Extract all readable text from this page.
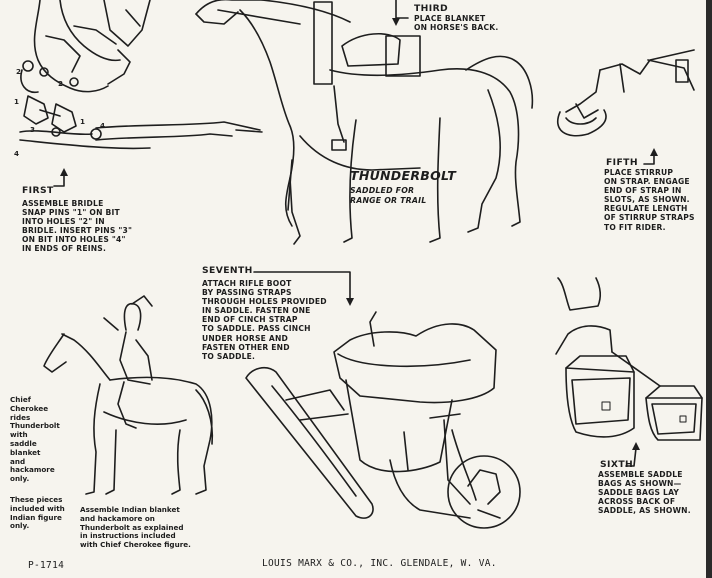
THIRD
PLACE BLANKET
ON HORSE'S BACK.
THUNDERBOLT
SADDLED FOR
RANGE OR TRAIL
FIFTH
PLACE STIRRUP
ON STRAP. ENGAGE
END OF STRAP IN
SLOTS, AS SHOWN.
REGULATE LENGTH
OF STIRRUP STRAPS
TO FIT RIDER.
FIRST
ASSEMBLE BRIDLE
SNAP PINS "1" ON BIT
INTO HOLES "2" IN
BRIDLE. INSERT PINS "3"
ON BIT INTO HOLES "4"
IN ENDS OF REINS.
SEVENTH
ATTACH RIFLE BOOT
BY PASSING STRAPS
THROUGH HOLES PROVIDED
IN SADDLE. FASTEN ONE
END OF CINCH STRAP
TO SADDLE. PASS CINCH
UNDER HORSE AND
FASTEN OTHER END
TO SADDLE.
SIXTH
ASSEMBLE SADDLE
BAGS AS SHOWN—
SADDLE BAGS LAY
ACROSS BACK OF
SADDLE, AS SHOWN.
Chief
Cherokee
rides
Thunderbolt
with
saddle
blanket
and
hackamore
only.
These pieces
included with
Indian figure
only.
Assemble Indian blanket
and hackamore on
Thunderbolt as explained
in instructions included
with Chief Cherokee figure.
2
2
1
1
3	4
4
P-1714	LOUIS MARX & CO., INC. GLENDALE, W. VA.
